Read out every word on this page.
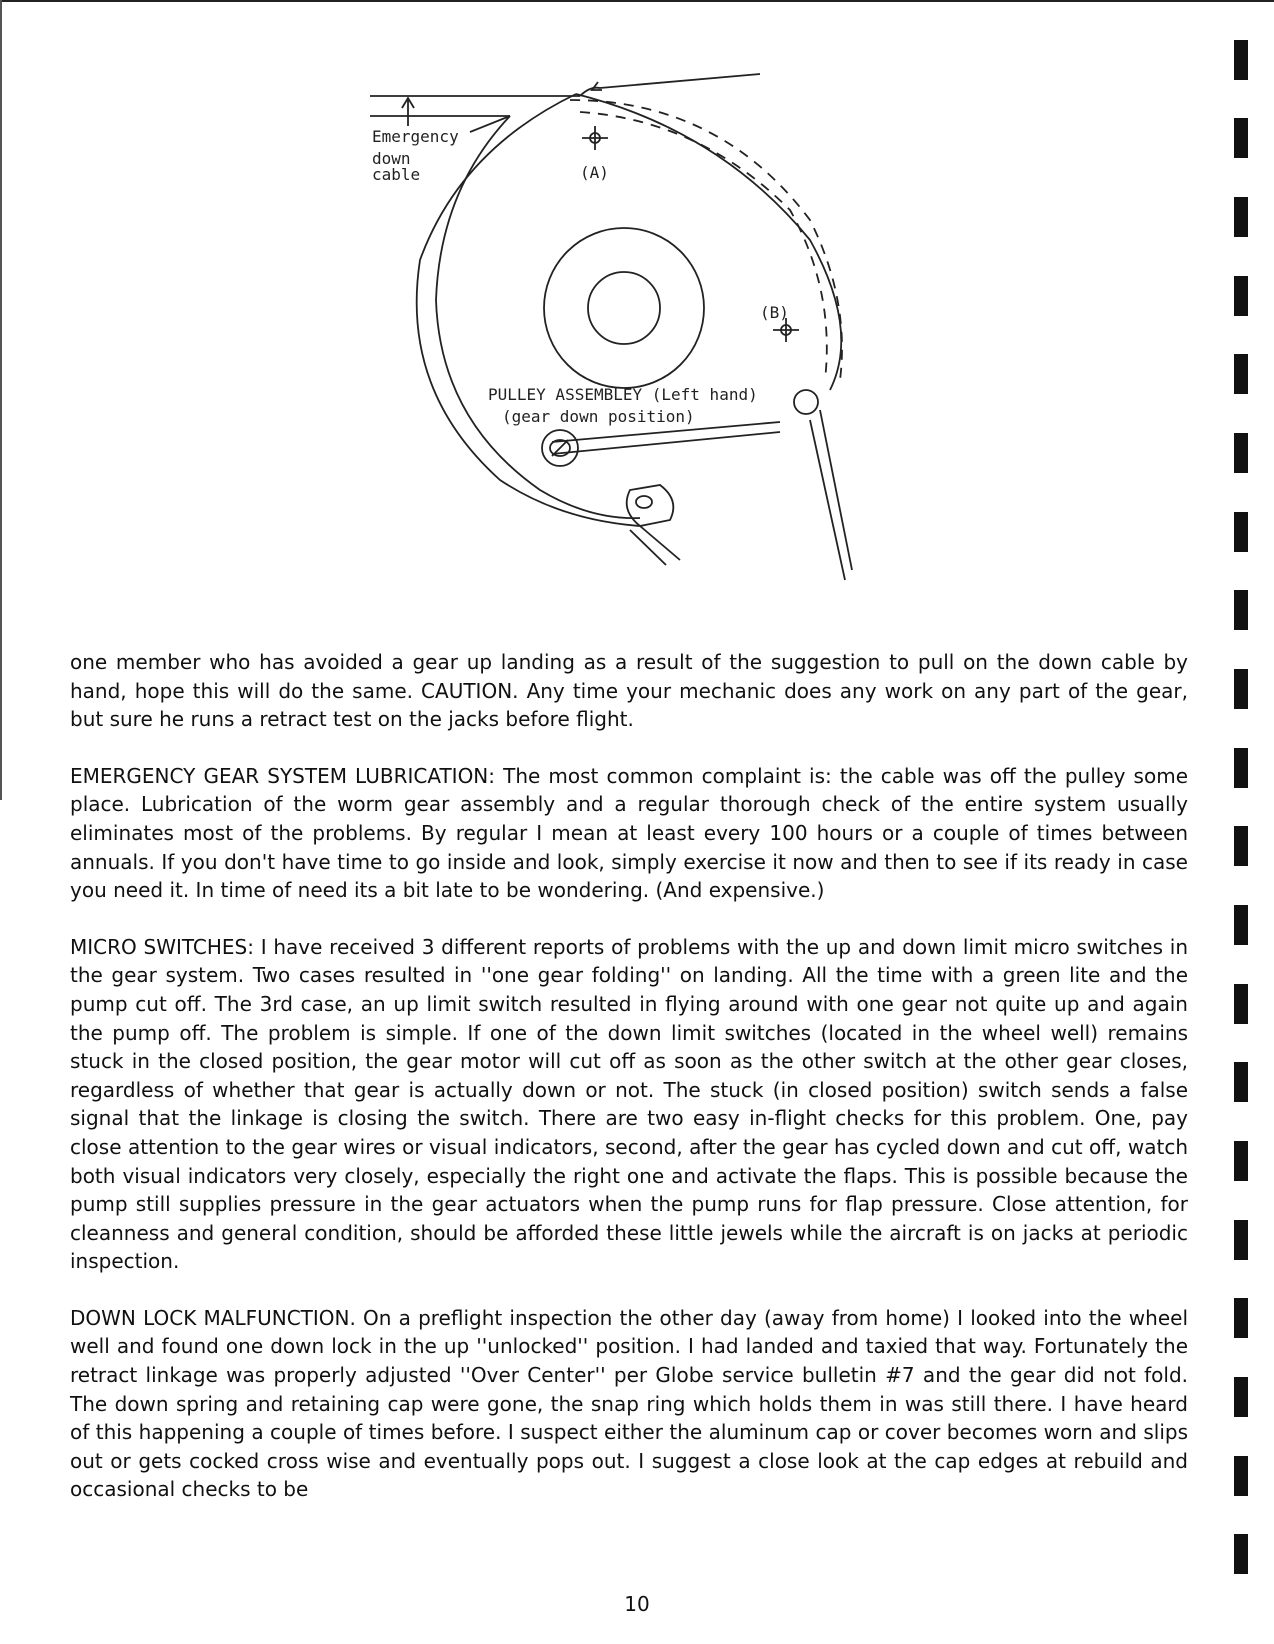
Emergency
down
cable	(A)
(B)
PULLEY ASSEMBLEY (Left hand)
(gear down position)

one member who has avoided a gear up landing as a result of the suggestion to pull on the down cable by hand, hope this will do the same. CAUTION. Any time your mechanic does any work on any part of the gear, but sure he runs a retract test on the jacks before flight.

EMERGENCY GEAR SYSTEM LUBRICATION: The most common complaint is: the cable was off the pulley some place. Lubrication of the worm gear assembly and a regular thorough check of the entire system usually eliminates most of the problems. By regular I mean at least every 100 hours or a couple of times between annuals. If you don't have time to go inside and look, simply exercise it now and then to see if its ready in case you need it. In time of need its a bit late to be wondering. (And expensive.)

MICRO SWITCHES: I have received 3 different reports of problems with the up and down limit micro switches in the gear system. Two cases resulted in ''one gear folding'' on landing. All the time with a green lite and the pump cut off. The 3rd case, an up limit switch resulted in flying around with one gear not quite up and again the pump off. The problem is simple. If one of the down limit switches (located in the wheel well) remains stuck in the closed position, the gear motor will cut off as soon as the other switch at the other gear closes, regardless of whether that gear is actually down or not. The stuck (in closed position) switch sends a false signal that the linkage is closing the switch. There are two easy in-flight checks for this problem. One, pay close attention to the gear wires or visual indicators, second, after the gear has cycled down and cut off, watch both visual indicators very closely, especially the right one and activate the flaps. This is possible because the pump still supplies pressure in the gear actuators when the pump runs for flap pressure. Close attention, for cleanness and general condition, should be afforded these little jewels while the aircraft is on jacks at periodic inspection.

DOWN LOCK MALFUNCTION. On a preflight inspection the other day (away from home) I looked into the wheel well and found one down lock in the up ''unlocked'' position. I had landed and taxied that way. Fortunately the retract linkage was properly adjusted ''Over Center'' per Globe service bulletin #7 and the gear did not fold. The down spring and retaining cap were gone, the snap ring which holds them in was still there. I have heard of this happening a couple of times before. I suspect either the aluminum cap or cover becomes worn and slips out or gets cocked cross wise and eventually pops out. I suggest a close look at the cap edges at rebuild and occasional checks to be

10
